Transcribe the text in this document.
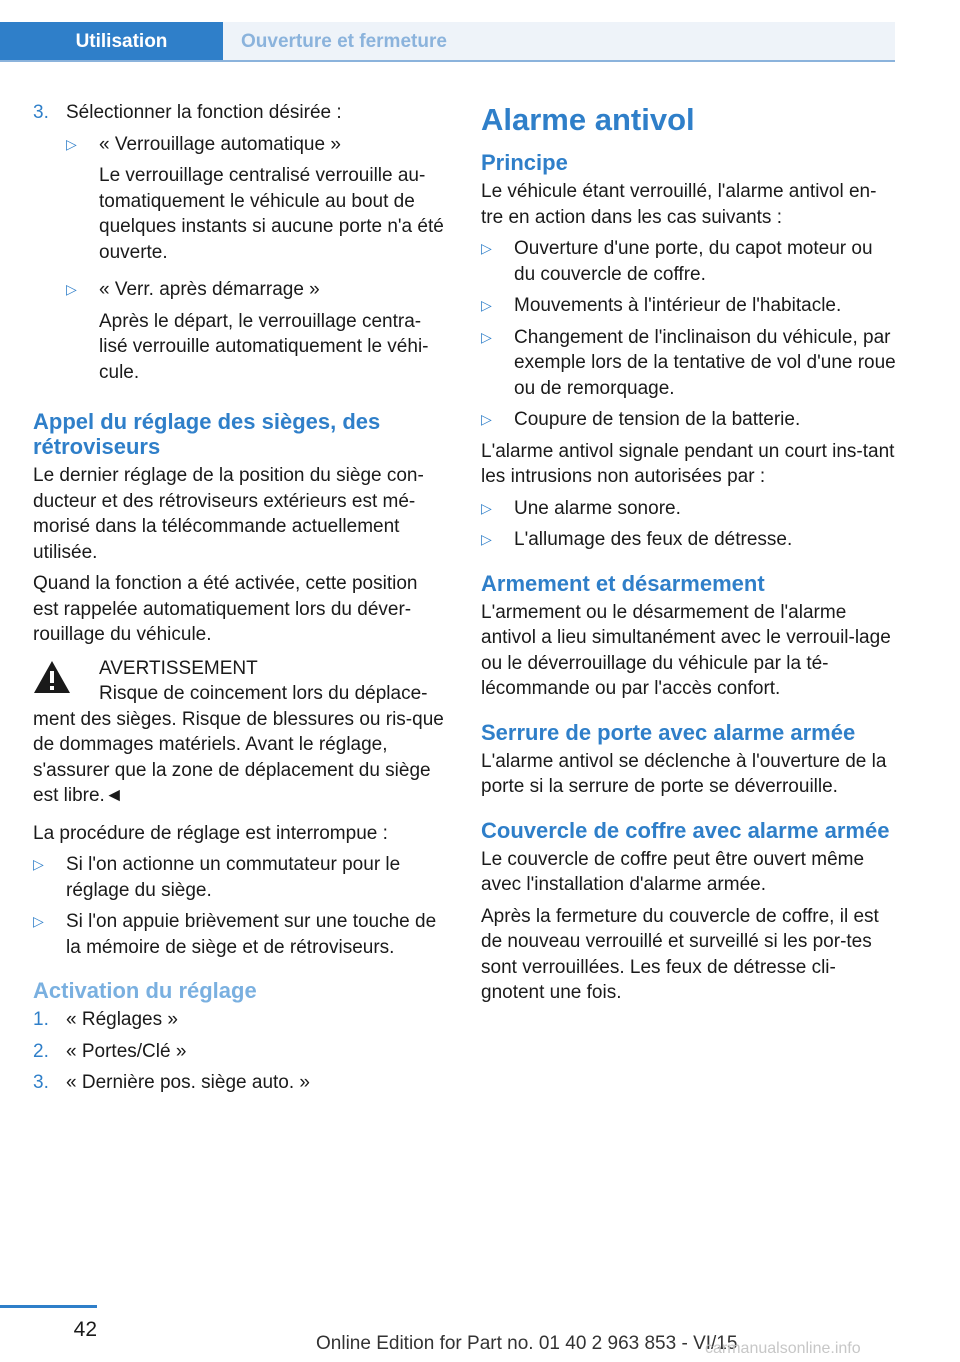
Utilisation	Ouverture et fermeture
3. Sélectionner la fonction désirée :
▷	« Verrouillage automatique »
Le verrouillage centralisé verrouille au-tomatiquement le véhicule au bout de quelques instants si aucune porte n'a été ouverte.
▷	« Verr. après démarrage »
Après le départ, le verrouillage centra-lisé verrouille automatiquement le véhi-cule.
Appel du réglage des sièges, des rétroviseurs

Le dernier réglage de la position du siège con-ducteur et des rétroviseurs extérieurs est mé-morisé dans la télécommande actuellement utilisée.

Quand la fonction a été activée, cette position est rappelée automatiquement lors du déver-rouillage du véhicule.

AVERTISSEMENT
Risque de coincement lors du déplace-
ment des sièges. Risque de blessures ou ris-que de dommages matériels. Avant le réglage, s'assurer que la zone de déplacement du siège est libre.◄

La procédure de réglage est interrompue :

▷	Si l'on actionne un commutateur pour le réglage du siège.
▷	Si l'on appuie brièvement sur une touche de la mémoire de siège et de rétroviseurs.
Activation du réglage
1. « Réglages »
2. « Portes/Clé »
3. « Dernière pos. siège auto. »
Alarme antivol
Principe

Le véhicule étant verrouillé, l'alarme antivol en-tre en action dans les cas suivants :

▷	Ouverture d'une porte, du capot moteur ou du couvercle de coffre.
▷	Mouvements à l'intérieur de l'habitacle.
▷	Changement de l'inclinaison du véhicule, par exemple lors de la tentative de vol d'une roue ou de remorquage.
▷	Coupure de tension de la batterie.

L'alarme antivol signale pendant un court ins-tant les intrusions non autorisées par :

▷	Une alarme sonore.
▷	L'allumage des feux de détresse.
Armement et désarmement

L'armement ou le désarmement de l'alarme antivol a lieu simultanément avec le verrouil-lage ou le déverrouillage du véhicule par la té-lécommande ou par l'accès confort.

Serrure de porte avec alarme armée

L'alarme antivol se déclenche à l'ouverture de la porte si la serrure de porte se déverrouille.

Couvercle de coffre avec alarme armée

Le couvercle de coffre peut être ouvert même avec l'installation d'alarme armée.

Après la fermeture du couvercle de coffre, il est de nouveau verrouillé et surveillé si les por-tes sont verrouillées. Les feux de détresse cli-gnotent une fois.

42
Online Edition for Part no. 01 40 2 963 853 - VI/15
carmanualsonline.info
